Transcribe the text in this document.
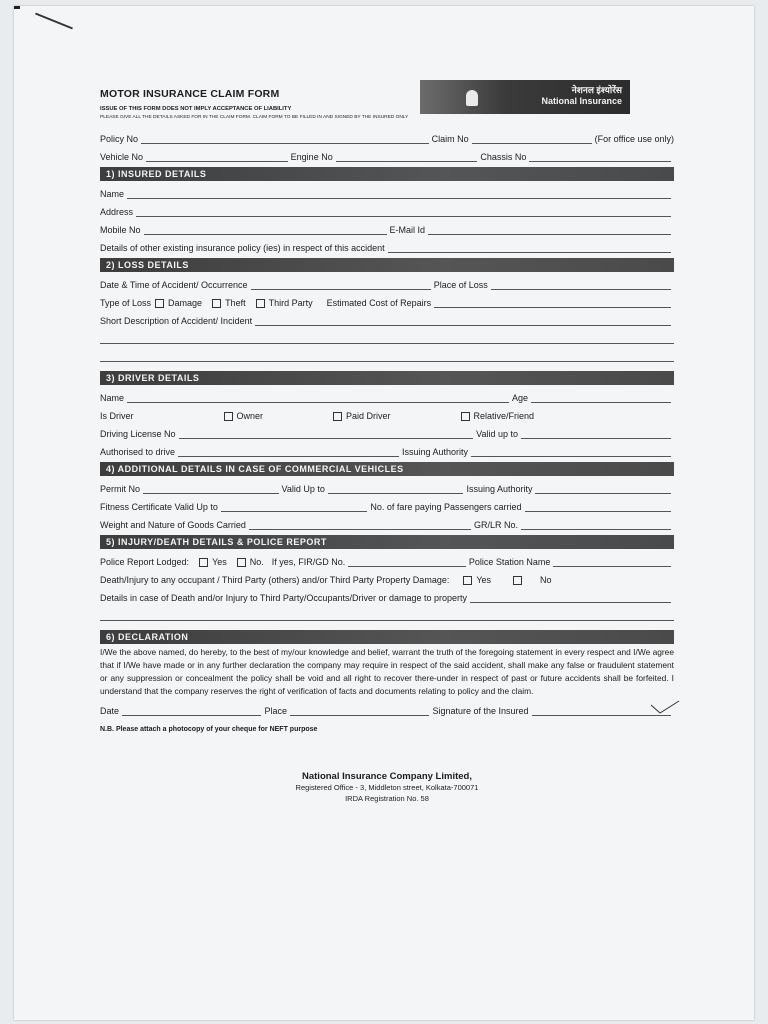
नेशनल इंश्योरेंस
National Insurance
MOTOR INSURANCE CLAIM FORM
ISSUE OF THIS FORM DOES NOT IMPLY ACCEPTANCE OF LIABILITY
PLEASE GIVE ALL THE DETAILS ASKED FOR IN THE CLAIM FORM. CLAIM FORM TO BE FILLED IN AND SIGNED BY THE INSURED ONLY
Policy No	Claim No	(For office use only)
Vehicle No	Engine No	Chassis No
1) INSURED DETAILS
Name
Address
Mobile No	E-Mail Id
Details of other existing insurance policy (ies) in respect of this accident
2) LOSS DETAILS
Date & Time of Accident/ Occurrence	Place of Loss
Type of Loss Damage	Theft	Third Party Estimated Cost of Repairs
Short Description of Accident/ Incident
3) DRIVER DETAILS
Name	Age
Is Driver	Owner	Paid Driver	Relative/Friend
Driving License No	Valid up to
Authorised to drive	Issuing Authority
4) ADDITIONAL DETAILS IN CASE OF COMMERCIAL VEHICLES
Permit No	Valid Up to	Issuing Authority
Fitness Certificate Valid Up to	No. of fare paying Passengers carried
Weight and Nature of Goods Carried	GR/LR No.
5) INJURY/DEATH DETAILS & POLICE REPORT
Police Report Lodged:	Yes	No. If yes, FIR/GD No.	Police Station Name
Death/Injury to any occupant / Third Party (others) and/or Third Party Property Damage:	Yes	No
Details in case of Death and/or Injury to Third Party/Occupants/Driver or damage to property
6) DECLARATION
I/We the above named, do hereby, to the best of my/our knowledge and belief, warrant the truth of the foregoing statement in every respect and I/We agree that if I/We have made or in any further declaration the company may require in respect of the said accident, shall make any false or fraudulent statement or any suppression or concealment the policy shall be void and all right to recover there-under in respect of past or future accidents shall be forfeited. I understand that the company reserves the right of verification of facts and documents relating to policy and the claim.
Date	Place	Signature of the Insured
N.B. Please attach a photocopy of your cheque for NEFT purpose
National Insurance Company Limited,
Registered Office - 3, Middleton street, Kolkata-700071
IRDA Registration No. 58
